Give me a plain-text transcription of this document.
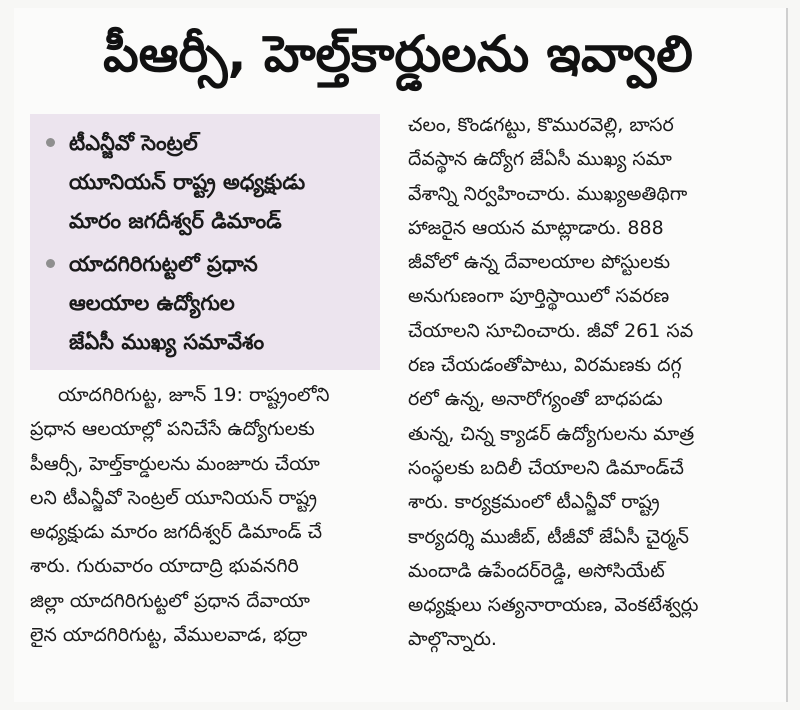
పీఆర్సీ, హెల్త్‌కార్డులను ఇవ్వాలి
టీఎన్జీవో సెంట్రల్
యూనియన్ రాష్ట్ర అధ్యక్షుడు
మారం జగదీశ్వర్ డిమాండ్
యాదగిరిగుట్టలో ప్రధాన
ఆలయాల ఉద్యోగుల
జేఏసీ ముఖ్య సమావేశం
యాదగిరిగుట్ట, జూన్ 19: రాష్ట్రంలోని
ప్రధాన ఆలయాల్లో పనిచేసే ఉద్యోగులకు
పీఆర్సీ, హెల్త్‌కార్డులను మంజూరు చేయా
లని టీఎన్జీవో సెంట్రల్ యూనియన్ రాష్ట్ర
అధ్యక్షుడు మారం జగదీశ్వర్ డిమాండ్ చే
శారు. గురువారం యాదాద్రి భువనగిరి
జిల్లా యాదగిరిగుట్టలో ప్రధాన దేవాయా
లైన యాదగిరిగుట్ట, వేములవాడ, భద్రా
చలం, కొండగట్టు, కొమురవెల్లి, బాసర
దేవస్థాన ఉద్యోగ జేఏసీ ముఖ్య సమా
వేశాన్ని నిర్వహించారు. ముఖ్యఅతిథిగా
హాజరైన ఆయన మాట్లాడారు. 888
జీవోలో ఉన్న దేవాలయాల పోస్టులకు
అనుగుణంగా పూర్తిస్థాయిలో సవరణ
చేయాలని సూచించారు. జీవో 261 సవ
రణ చేయడంతోపాటు, విరమణకు దగ్గ
రలో ఉన్న, అనారోగ్యంతో బాధపడు
తున్న, చిన్న క్యాడర్ ఉద్యోగులను మాత్ర
సంస్థలకు బదిలీ చేయాలని డిమాండ్‌చే
శారు. కార్యక్రమంలో టీఎన్జీవో రాష్ట్ర
కార్యదర్శి ముజీబ్, టీజీవో జేఏసీ చైర్మన్
మందాడి ఉపేందర్‌రెడ్డి, అసోసియేట్
అధ్యక్షులు సత్యనారాయణ, వెంకటేశ్వర్లు
పాల్గొన్నారు.
